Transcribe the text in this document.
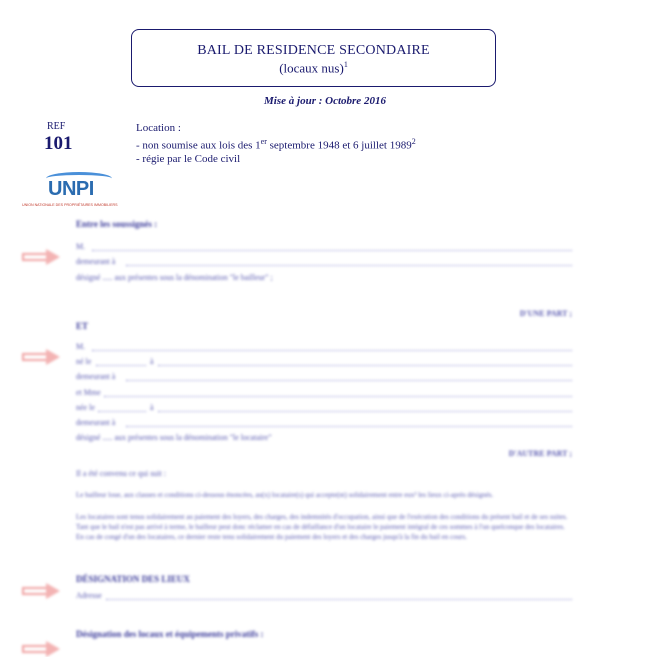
BAIL DE RESIDENCE SECONDAIRE
(locaux nus)$^1$
Mise à jour : Octobre 2016
REF
101
Location :
- non soumise aux lois des 1er septembre 1948 et 6 juillet 1989$^2$
- régie par le Code civil
UNPI
UNION NATIONALE DES PROPRIÉTAIRES IMMOBILIERS
Entre les soussignés :
M.
demeurant à
désigné ..... aux présentes sous la dénomination "le bailleur" ;
D'UNE PART ;
ET
M.
né le	à
demeurant à
et Mme
née le	à
demeurant à
désigné ..... aux présentes sous la dénomination "le locataire"
D'AUTRE PART ;
Il a été convenu ce qui suit :
Le bailleur loue, aux clauses et conditions ci-dessous énoncées, au(x) locataire(s) qui accepte(nt) solidairement entre eux³ les lieux ci-après désignés.
Les locataires sont tenus solidairement au paiement des loyers, des charges, des indemnités d'occupation, ainsi que de l'exécution des conditions du présent bail et de ses suites. Tant que le bail n'est pas arrivé à terme, le bailleur peut donc réclamer en cas de défaillance d'un locataire le paiement intégral de ces sommes à l'un quelconque des locataires. En cas de congé d'un des locataires, ce dernier reste tenu solidairement du paiement des loyers et des charges jusqu'à la fin du bail en cours.
DÉSIGNATION DES LIEUX
Adresse
Désignation des locaux et équipements privatifs :
